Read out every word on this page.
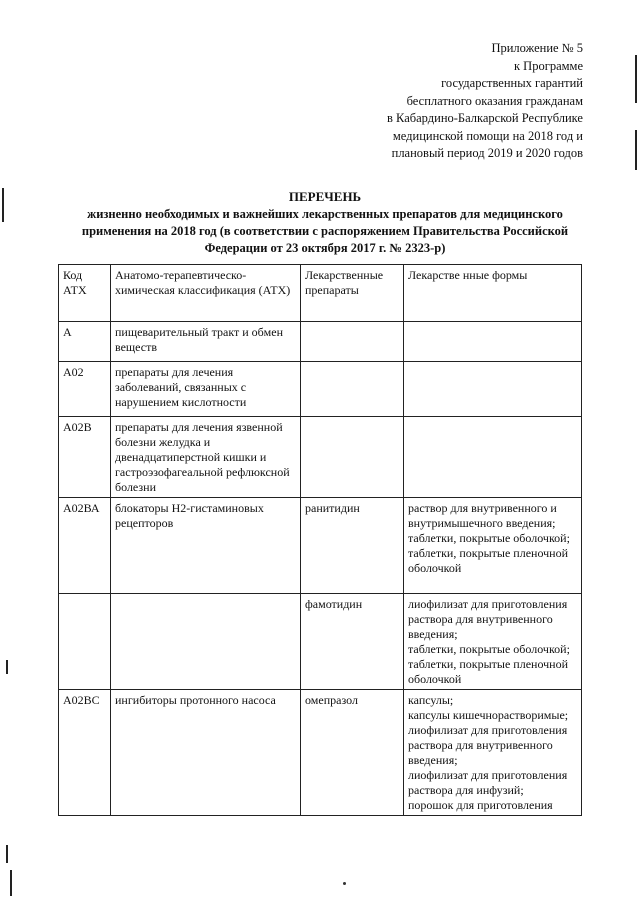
Приложение № 5
к Программе
государственных гарантий
бесплатного оказания гражданам
в Кабардино-Балкарской Республике
медицинской помощи на 2018 год и
плановый период 2019 и 2020 годов
ПЕРЕЧЕНЬ
жизненно необходимых и важнейших лекарственных препаратов для медицинского
применения на 2018 год (в соответствии с распоряжением Правительства Российской
Федерации от 23 октября 2017 г. № 2323-р)
Код АТХ	Анатомо-терапевтическо-химическая классификация (АТХ)	Лекарственные препараты	Лекарстве нные формы
А	пищеварительный тракт и обмен веществ		
А02	препараты для лечения заболеваний, связанных с нарушением кислотности		
А02В	препараты для лечения язвенной болезни желудка и двенадцатиперстной кишки и гастроэзофагеальной рефлюксной болезни		
А02ВА	блокаторы Н2-гистаминовых рецепторов	ранитидин	раствор для внутривенного и внутримышечного введения;
таблетки, покрытые оболочкой;
таблетки, покрытые пленочной оболочкой

		фамотидин	лиофилизат для приготовления раствора для внутривенного введения;
таблетки, покрытые оболочкой;
таблетки, покрытые пленочной оболочкой

А02ВС	ингибиторы протонного насоса	омепразол	капсулы;
капсулы кишечнорастворимые;
лиофилизат для приготовления раствора для внутривенного введения;
лиофилизат для приготовления раствора для инфузий;
порошок для приготовления
